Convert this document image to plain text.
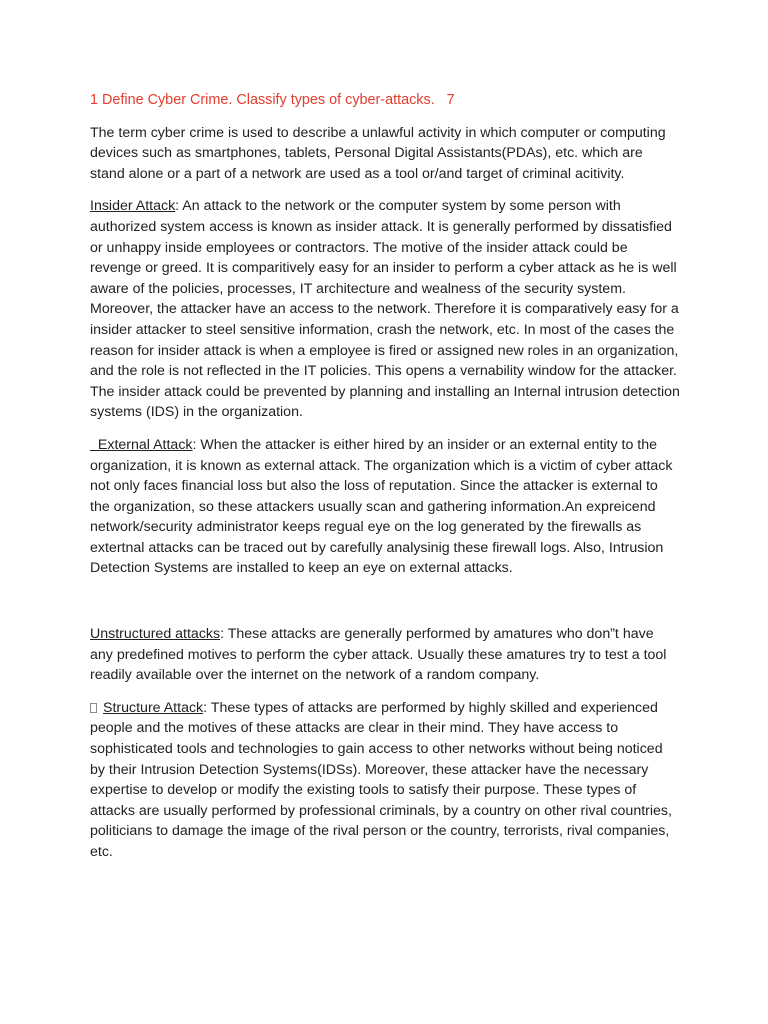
1 Define Cyber Crime. Classify types of cyber-attacks.   7

The term cyber crime is used to describe a unlawful activity in which computer or computing devices such as smartphones, tablets, Personal Digital Assistants(PDAs), etc. which are stand alone or a part of a network are used as a tool or/and target of criminal acitivity.

Insider Attack: An attack to the network or the computer system by some person with authorized system access is known as insider attack. It is generally performed by dissatisfied or unhappy inside employees or contractors. The motive of the insider attack could be revenge or greed. It is comparitively easy for an insider to perform a cyber attack as he is well aware of the policies, processes, IT architecture and wealness of the security system. Moreover, the attacker have an access to the network. Therefore it is comparatively easy for a insider attacker to steel sensitive information, crash the network, etc. In most of the cases the reason for insider attack is when a employee is fired or assigned new roles in an organization, and the role is not reflected in the IT policies. This opens a vernability window for the attacker. The insider attack could be prevented by planning and installing an Internal intrusion detection systems (IDS) in the organization.

External Attack: When the attacker is either hired by an insider or an external entity to the organization, it is known as external attack. The organization which is a victim of cyber attack not only faces financial loss but also the loss of reputation. Since the attacker is external to the organization, so these attackers usually scan and gathering information.An expreicend network/security administrator keeps regual eye on the log generated by the firewalls as extertnal attacks can be traced out by carefully analysinig these firewall logs. Also, Intrusion Detection Systems are installed to keep an eye on external attacks.

Unstructured attacks: These attacks are generally performed by amatures who don”t have any predefined motives to perform the cyber attack. Usually these amatures try to test a tool readily available over the internet on the network of a random company.

Structure Attack: These types of attacks are performed by highly skilled and experienced people and the motives of these attacks are clear in their mind. They have access to sophisticated tools and technologies to gain access to other networks without being noticed by their Intrusion Detection Systems(IDSs). Moreover, these attacker have the necessary expertise to develop or modify the existing tools to satisfy their purpose. These types of attacks are usually performed by professional criminals, by a country on other rival countries, politicians to damage the image of the rival person or the country, terrorists, rival companies, etc.
